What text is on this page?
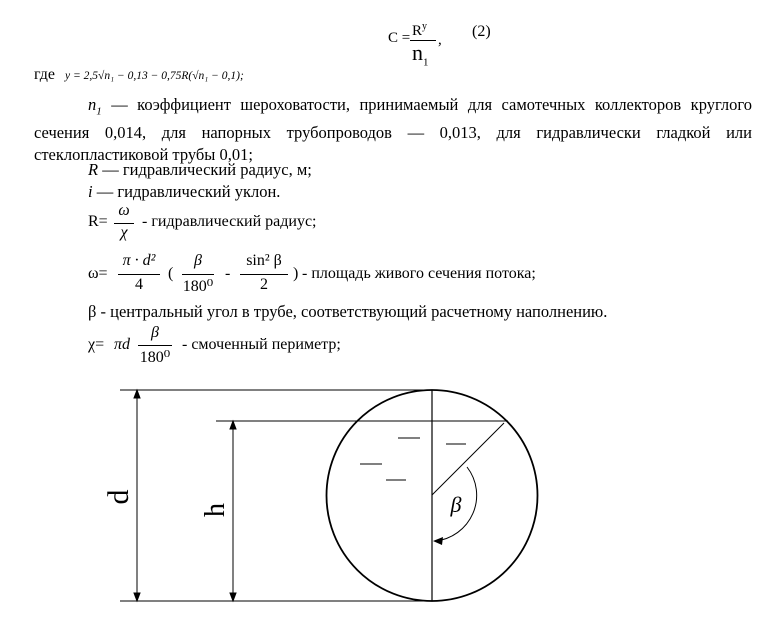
$C = R^y$
$n_1$
, (2)
где y = 2,5√n₁ − 0,13 − 0,75R(√n₁ − 0,1);
$n_1$ — коэффициент шероховатости, принимаемый для самотечных коллекторов круглого сечения 0,014, для напорных трубопроводов — 0,013, для гидравлически гладкой или стеклопластиковой трубы 0,01;
R — гидравлический радиус, м;
i — гидравлический уклон.
R=
ω
χ
- гидравлический радиус;
ω=
π · d²
4
(
β
180⁰
-
sin² β
2
) - площадь живого сечения потока;
β - центральный угол в трубе, соответствующий расчетному наполнению.
χ= πd
β
180⁰
- смоченный периметр;
d
h	β
